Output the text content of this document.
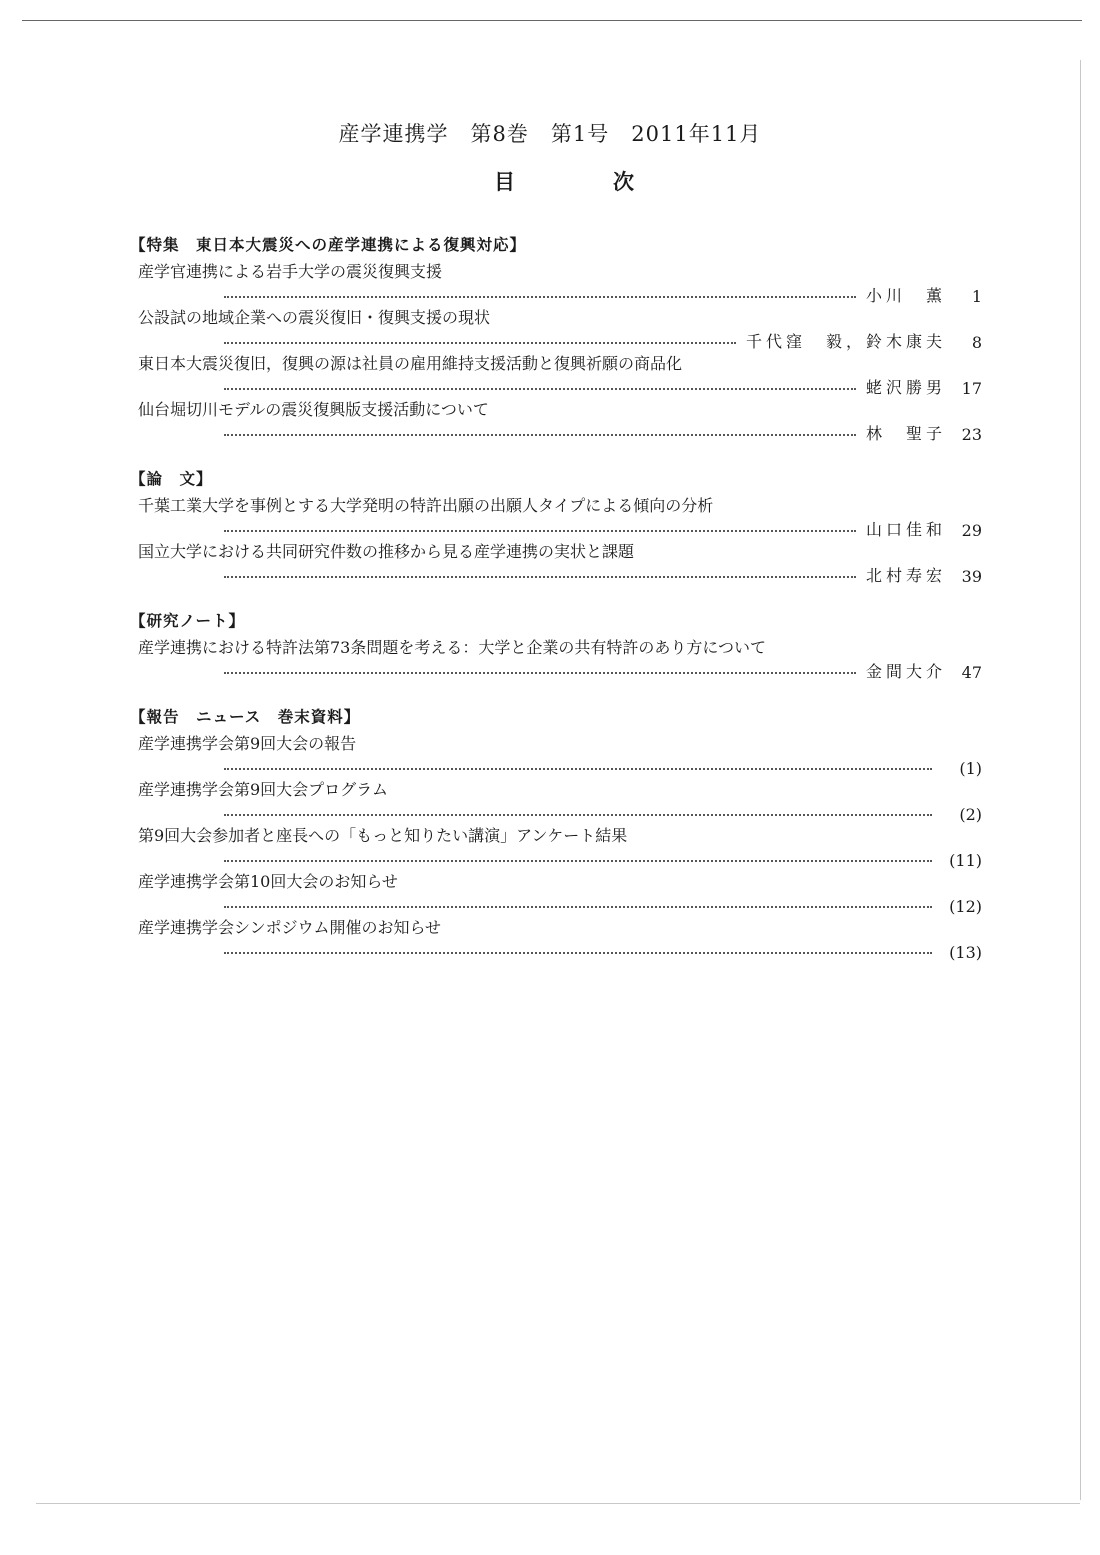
産学連携学　第8巻　第1号　2011年11月
目	次
【特集　東日本大震災への産学連携による復興対応】
産学官連携による岩手大学の震災復興支援
小川　薫	1
公設試の地域企業への震災復旧・復興支援の現状
千代窪　毅，鈴木康夫	8
東日本大震災復旧，復興の源は社員の雇用維持支援活動と復興祈願の商品化
蛯沢勝男 17
仙台堀切川モデルの震災復興版支援活動について
林　聖子 23
【論　文】
千葉工業大学を事例とする大学発明の特許出願の出願人タイプによる傾向の分析
山口佳和 29
国立大学における共同研究件数の推移から見る産学連携の実状と課題
北村寿宏 39
【研究ノート】
産学連携における特許法第73条問題を考える：大学と企業の共有特許のあり方について
金間大介 47
【報告　ニュース　巻末資料】
産学連携学会第9回大会の報告
(1)
産学連携学会第9回大会プログラム
(2)
第9回大会参加者と座長への「もっと知りたい講演」アンケート結果
(11)
産学連携学会第10回大会のお知らせ
(12)
産学連携学会シンポジウム開催のお知らせ
(13)
